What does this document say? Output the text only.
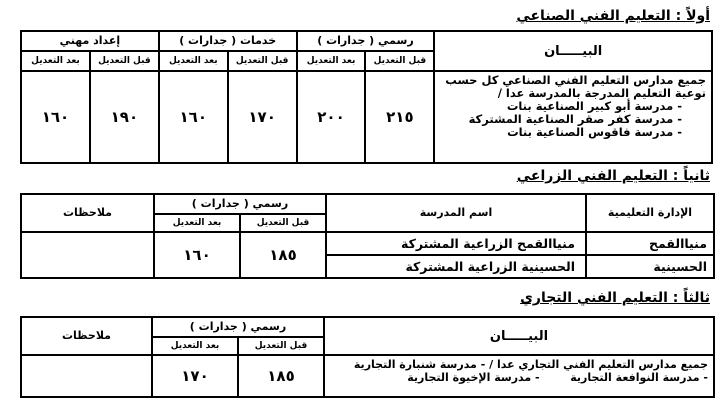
أولاً : التعليم الفني الصناعي
البيـــــان	رسمي ( جدارات )		خدمات ( جدارات )		إعداد مهني	
	قبل التعديل	بعد التعديل	قبل التعديل	بعد التعديل	قبل التعديل	بعد التعديل

جميع مدارس التعليم الفني الصناعي كل حسب
نوعية التعليم المدرجة بالمدرسة عدا /
- مدرسة أبو كبير الصناعية بنات
- مدرسة كفر صقر الصناعية المشتركة
- مدرسة فاقوس الصناعية بنات	٢١٥	٢٠٠	١٧٠	١٦٠	١٩٠	١٦٠
ثانياً : التعليم الفني الزراعي
الإدارة التعليمية	اسم المدرسة	رسمي ( جدارات )		ملاحظات
		قبل التعديل	بعد التعديل	
منياالقمح	منياالقمح الزراعية المشتركة	١٨٥	١٦٠	
الحسينية	الحسينية الزراعية المشتركة			
ثالثاً : التعليم الفني التجاري
البيـــــان	رسمي ( جدارات )		ملاحظات
	قبل التعديل	بعد التعديل	

جميع مدارس التعليم الفني التجاري عدا / - مدرسة شنبارة التجارية
- مدرسة النوافعة التجارية        - مدرسة الإخيوة التجارية	١٨٥	١٧٠	
